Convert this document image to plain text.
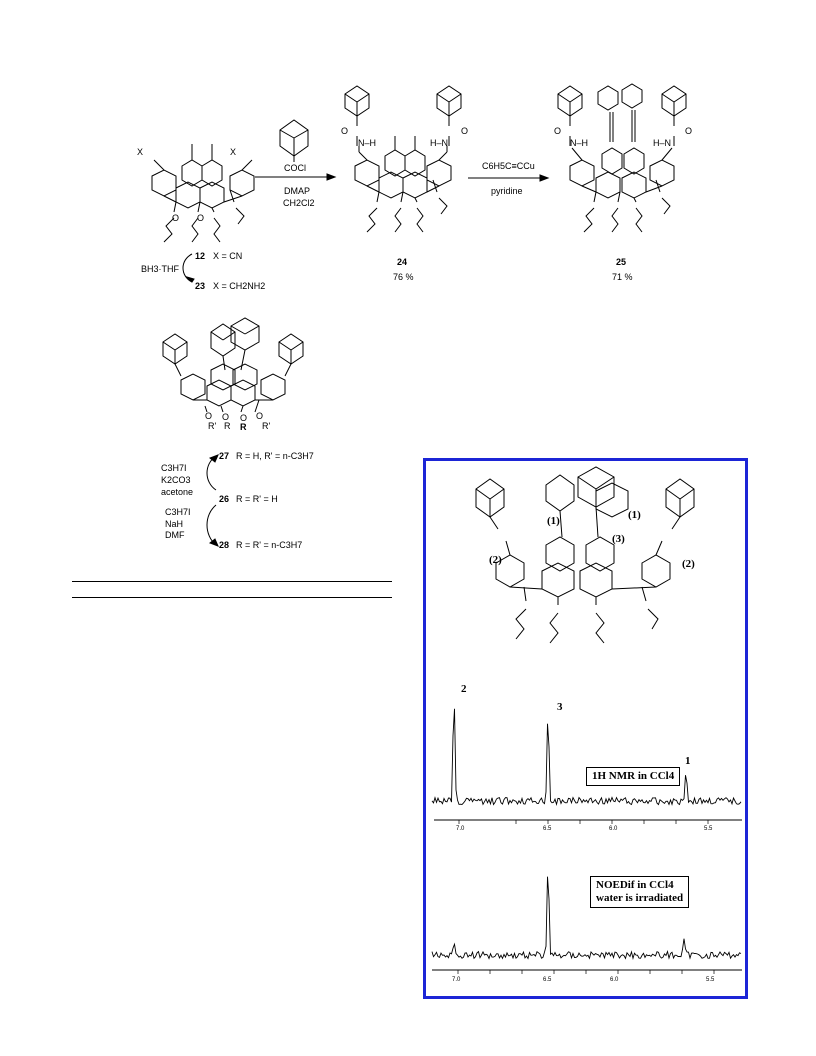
X	X
O O
12 X = CN
BH3·THF
23 X = CH2NH2
COCl
DMAP
CH2Cl2
O
N–H	H–N
O
24
76 %
C6H5C≡CCu
pyridine
O
N–H	H–N
O
25
71 %
O
R'
O
R
O
R
O
R'
27 R = H, R' = n-C3H7
C3H7I
K2CO3
acetone
26 R = R' = H
C3H7I
NaH
DMF
28 R = R' = n-C3H7
(1)	(1)
(2)	(2)
(3)
2
3
1
1H NMR in CCl4
7.0	6.5	6.0	5.5
NOEDif in CCl4
water is irradiated
7.0	6.5	6.0	5.5
